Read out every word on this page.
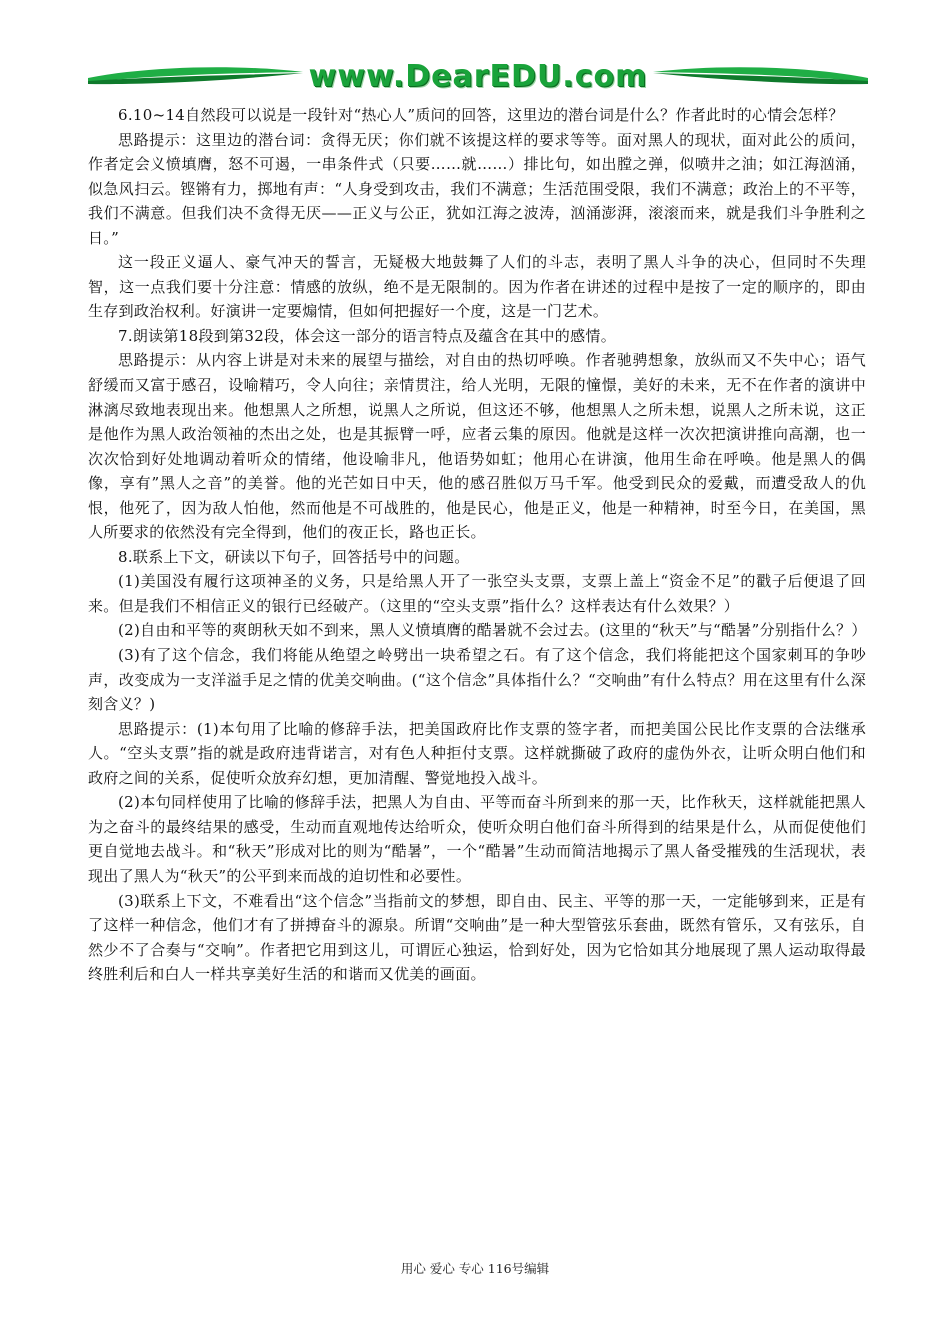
www.DearEDU.com

6.10~14自然段可以说是一段针对“热心人”质问的回答，这里边的潜台词是什么？作者此时的心情会怎样？

思路提示：这里边的潜台词：贪得无厌；你们就不该提这样的要求等等。面对黑人的现状，面对此公的质问，作者定会义愤填膺，怒不可遏，一串条件式（只要……就……）排比句，如出膛之弹，似喷井之油；如江海汹涌，似急风扫云。铿锵有力，掷地有声：“人身受到攻击，我们不满意；生活范围受限，我们不满意；政治上的不平等，我们不满意。但我们决不贪得无厌——正义与公正，犹如江海之波涛，汹涌澎湃，滚滚而来，就是我们斗争胜利之日。”

这一段正义逼人、豪气冲天的誓言，无疑极大地鼓舞了人们的斗志，表明了黑人斗争的决心，但同时不失理智，这一点我们要十分注意：情感的放纵，绝不是无限制的。因为作者在讲述的过程中是按了一定的顺序的，即由生存到政治权利。好演讲一定要煽情，但如何把握好一个度，这是一门艺术。

7.朗读第18段到第32段，体会这一部分的语言特点及蕴含在其中的感情。

思路提示：从内容上讲是对未来的展望与描绘，对自由的热切呼唤。作者驰骋想象，放纵而又不失中心；语气舒缓而又富于感召，设喻精巧，令人向往；亲情贯注，给人光明，无限的憧憬，美好的未来，无不在作者的演讲中淋漓尽致地表现出来。他想黑人之所想，说黑人之所说，但这还不够，他想黑人之所未想，说黑人之所未说，这正是他作为黑人政治领袖的杰出之处，也是其振臂一呼，应者云集的原因。他就是这样一次次把演讲推向高潮，也一次次恰到好处地调动着听众的情绪，他设喻非凡，他语势如虹；他用心在讲演，他用生命在呼唤。他是黑人的偶像，享有”黑人之音”的美誉。他的光芒如日中天，他的感召胜似万马千军。他受到民众的爱戴，而遭受敌人的仇恨，他死了，因为敌人怕他，然而他是不可战胜的，他是民心，他是正义，他是一种精神，时至今日，在美国，黑人所要求的依然没有完全得到，他们的夜正长，路也正长。

8.联系上下文，研读以下句子，回答括号中的问题。

(1)美国没有履行这项神圣的义务，只是给黑人开了一张空头支票，支票上盖上“资金不足”的戳子后便退了回来。但是我们不相信正义的银行已经破产。（这里的“空头支票”指什么？这样表达有什么效果？）

(2)自由和平等的爽朗秋天如不到来，黑人义愤填膺的酷暑就不会过去。(这里的“秋天”与“酷暑”分别指什么？）

(3)有了这个信念，我们将能从绝望之岭劈出一块希望之石。有了这个信念，我们将能把这个国家刺耳的争吵声，改变成为一支洋溢手足之情的优美交响曲。(“这个信念”具体指什么？“交响曲”有什么特点？用在这里有什么深刻含义？)

思路提示：(1)本句用了比喻的修辞手法，把美国政府比作支票的签字者，而把美国公民比作支票的合法继承人。“空头支票”指的就是政府违背诺言，对有色人种拒付支票。这样就撕破了政府的虚伪外衣，让听众明白他们和政府之间的关系，促使听众放弃幻想，更加清醒、警觉地投入战斗。

(2)本句同样使用了比喻的修辞手法，把黑人为自由、平等而奋斗所到来的那一天，比作秋天，这样就能把黑人为之奋斗的最终结果的感受，生动而直观地传达给听众，使听众明白他们奋斗所得到的结果是什么，从而促使他们更自觉地去战斗。和“秋天”形成对比的则为“酷暑”，一个“酷暑”生动而简洁地揭示了黑人备受摧残的生活现状，表现出了黑人为“秋天”的公平到来而战的迫切性和必要性。

(3)联系上下文，不难看出“这个信念”当指前文的梦想，即自由、民主、平等的那一天，一定能够到来，正是有了这样一种信念，他们才有了拼搏奋斗的源泉。所谓“交响曲”是一种大型管弦乐套曲，既然有管乐，又有弦乐，自然少不了合奏与“交响”。作者把它用到这儿，可谓匠心独运，恰到好处，因为它恰如其分地展现了黑人运动取得最终胜利后和白人一样共享美好生活的和谐而又优美的画面。

用心 爱心 专心 116号编辑
